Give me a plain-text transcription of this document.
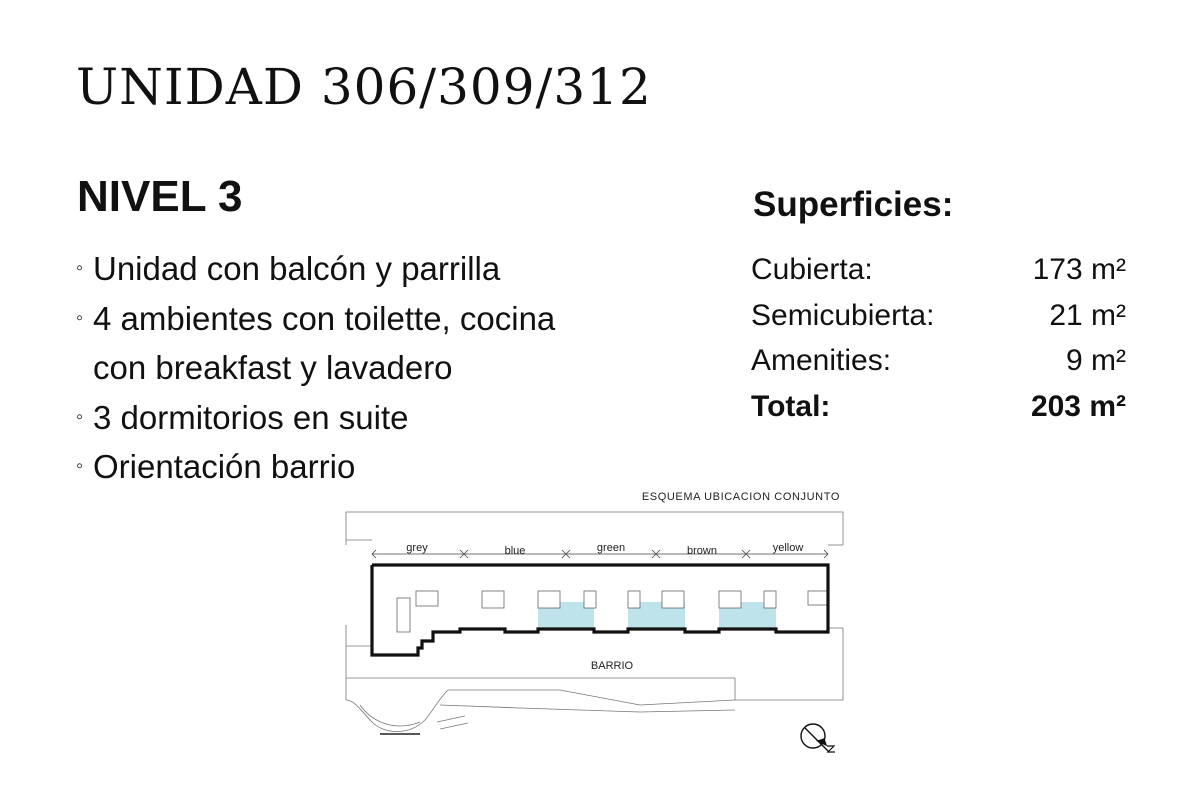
UNIDAD 306/309/312
NIVEL 3
◦ Unidad con balcón y parrilla
◦ 4 ambientes con toilette, cocina
con breakfast y lavadero
◦ 3 dormitorios en suite
◦ Orientación barrio
Superficies:
Cubierta:	173 m²
Semicubierta:	21 m²
Amenities:	9 m²
Total:	203 m²
ESQUEMA UBICACION CONJUNTO
grey	blue	green	brown	yellow
BARRIO
